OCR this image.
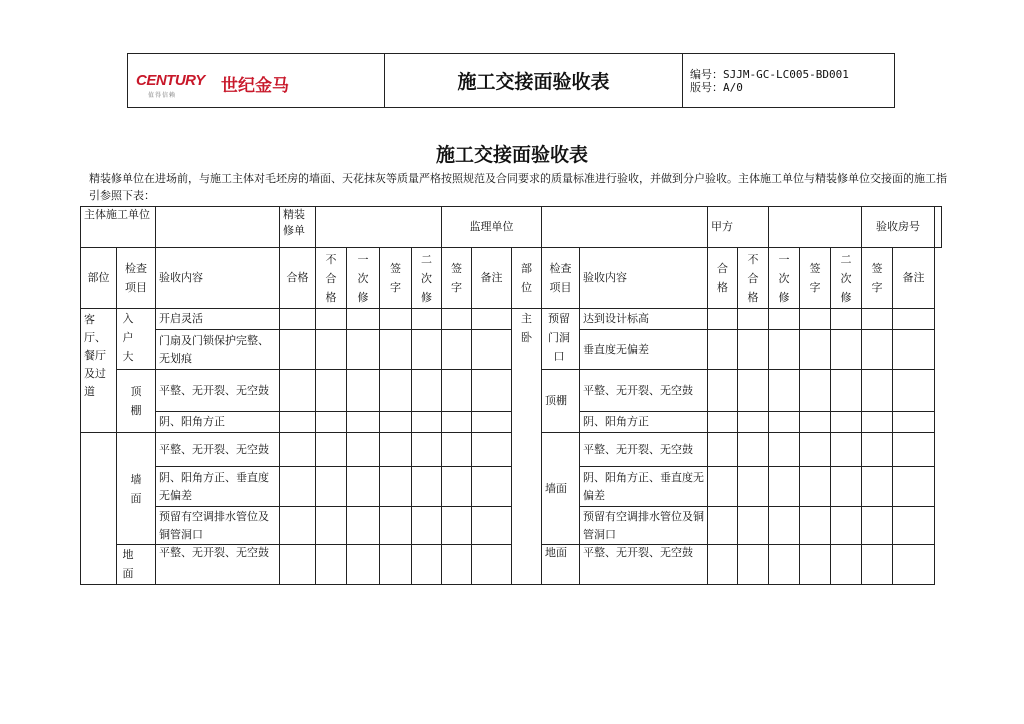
CENTURY 世纪金马
值得信赖
施工交接面验收表	编号：SJJM-GC-LC005-BD001
版号：A/0
施工交接面验收表
精装修单位在进场前，与施工主体对毛坯房的墙面、天花抹灰等质量严格按照规范及合同要求的质量标准进行验收，并做到分户验收。主体施工单位与精装修单位交接面的施工指引参照下表：
主体施工单位			精装修单					监理单位					甲方					验收房号		
部位	检查项目	验收内容	合格	不合格	一次修	签字	二次修	签字	备注	部位	检查项目	验收内容	合格	不合格	一次修	签字	二次修	签字	备注	
客厅、餐厅及过道	入户大	开启灵活								主卧	预留门洞口	达到设计标高								
		门扇及门锁保护完整、无划痕										垂直度无偏差								
	顶棚	平整、无开裂、无空鼓									顶棚	平整、无开裂、无空鼓								
		阴、阳角方正										阴、阳角方正								
	墙面	平整、无开裂、无空鼓									墙面	平整、无开裂、无空鼓								
		阴、阳角方正、垂直度无偏差										阴、阳角方正、垂直度无偏差								
		预留有空调排水管位及铜管洞口										预留有空调排水管位及铜管洞口								
	地面	平整、无开裂、无空鼓									地面	平整、无开裂、无空鼓								
